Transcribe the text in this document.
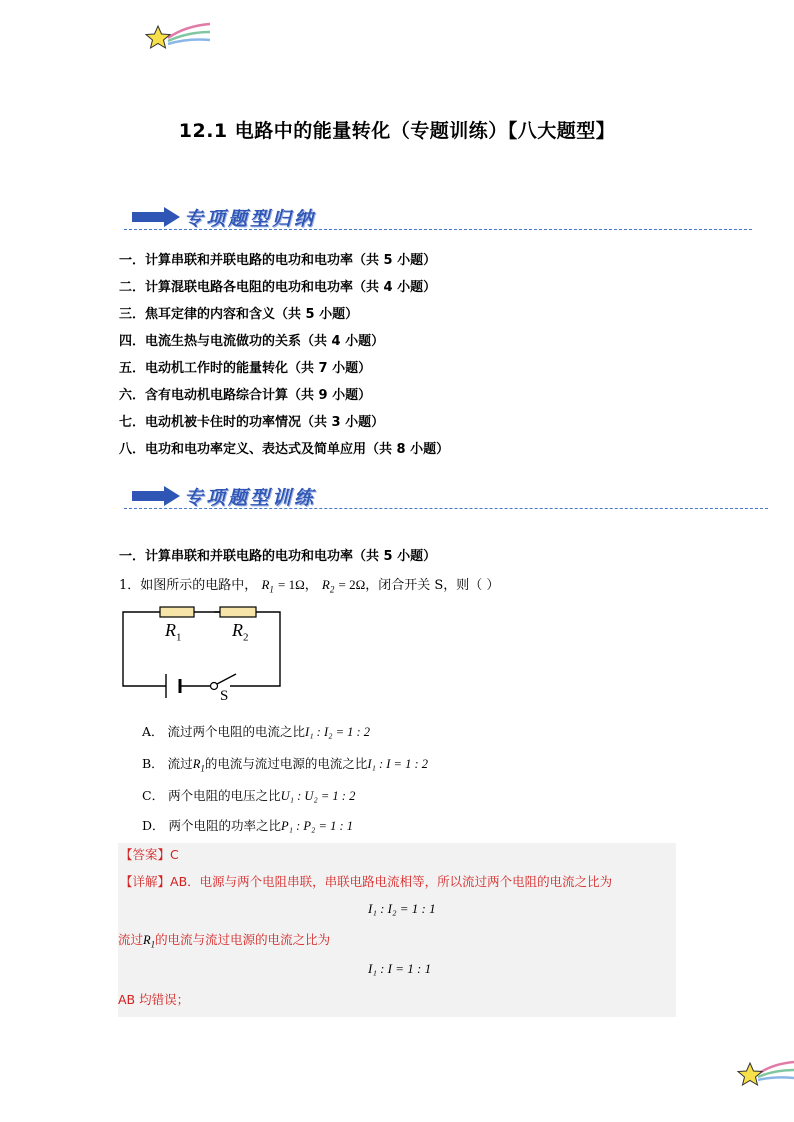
12.1 电路中的能量转化（专题训练）【八大题型】
专项题型归纳
一．计算串联和并联电路的电功和电功率（共 5 小题）
二．计算混联电路各电阻的电功和电功率（共 4 小题）
三．焦耳定律的内容和含义（共 5 小题）
四．电流生热与电流做功的关系（共 4 小题）
五．电动机工作时的能量转化（共 7 小题）
六．含有电动机电路综合计算（共 9 小题）
七．电动机被卡住时的功率情况（共 3 小题）
八．电功和电功率定义、表达式及简单应用（共 8 小题）
专项题型训练
一．计算串联和并联电路的电功和电功率（共 5 小题）
1．如图所示的电路中， $R_1 = 1\Omega$， $R_2 = 2\Omega$，闭合开关 S，则（ ）
$R_1$	$R_2$
S
A． 流过两个电阻的电流之比I₁ : I₂ = 1 : 2
B． 流过$R_1$的电流与流过电源的电流之比I₁ : I = 1 : 2
C． 两个电阻的电压之比U₁ : U₂ = 1 : 2
D． 两个电阻的功率之比P₁ : P₂ = 1 : 1
【答案】C
【详解】AB．电源与两个电阻串联，串联电路电流相等，所以流过两个电阻的电流之比为
I₁ : I₂ = 1 : 1
流过$R_1$的电流与流过电源的电流之比为
I₁ : I = 1 : 1
AB 均错误；
